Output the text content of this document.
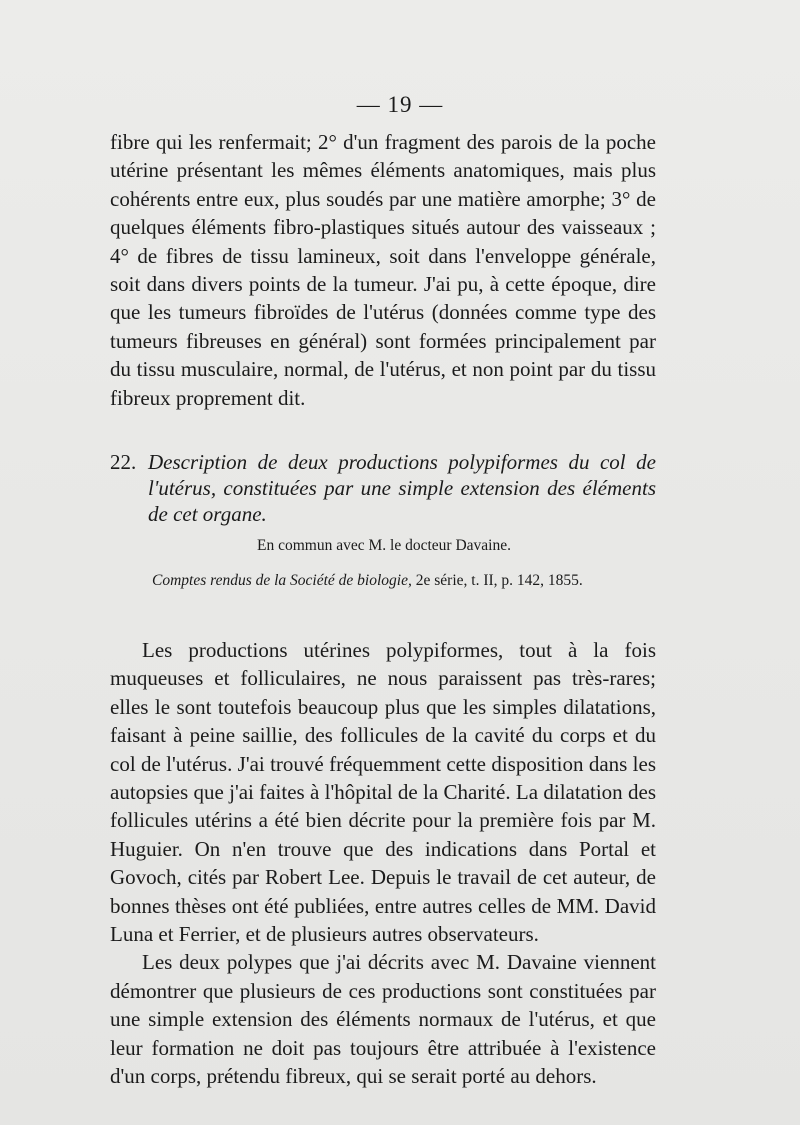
— 19 —

fibre qui les renfermait; 2° d'un fragment des parois de la poche utérine présentant les mêmes éléments anatomiques, mais plus cohérents entre eux, plus soudés par une matière amorphe; 3° de quelques éléments fibro-plastiques situés autour des vaisseaux ; 4° de fibres de tissu lamineux, soit dans l'enveloppe générale, soit dans divers points de la tumeur. J'ai pu, à cette époque, dire que les tumeurs fibroïdes de l'utérus (données comme type des tumeurs fibreuses en général) sont formées principalement par du tissu musculaire, normal, de l'utérus, et non point par du tissu fibreux proprement dit.

22. Description de deux productions polypiformes du col de l'utérus, constituées par une simple extension des éléments de cet organe.
En commun avec M. le docteur Davaine.
Comptes rendus de la Société de biologie, 2e série, t. II, p. 142, 1855.

Les productions utérines polypiformes, tout à la fois muqueuses et folliculaires, ne nous paraissent pas très-rares; elles le sont toutefois beaucoup plus que les simples dilatations, faisant à peine saillie, des follicules de la cavité du corps et du col de l'utérus. J'ai trouvé fréquemment cette disposition dans les autopsies que j'ai faites à l'hôpital de la Charité. La dilatation des follicules utérins a été bien décrite pour la première fois par M. Huguier. On n'en trouve que des indications dans Portal et Govoch, cités par Robert Lee. Depuis le travail de cet auteur, de bonnes thèses ont été publiées, entre autres celles de MM. David Luna et Ferrier, et de plusieurs autres observateurs.

Les deux polypes que j'ai décrits avec M. Davaine viennent démontrer que plusieurs de ces productions sont constituées par une simple extension des éléments normaux de l'utérus, et que leur formation ne doit pas toujours être attribuée à l'existence d'un corps, prétendu fibreux, qui se serait porté au dehors.
